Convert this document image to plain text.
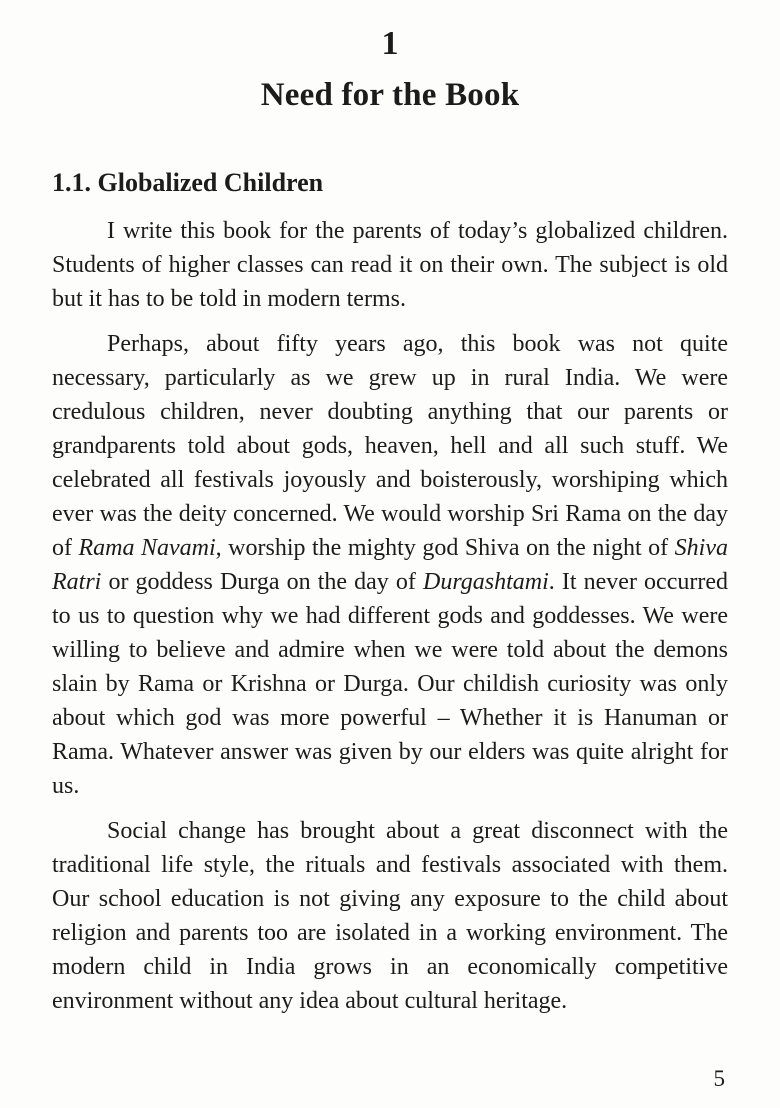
1
Need for the Book
1.1. Globalized Children

I write this book for the parents of today’s globalized children. Students of higher classes can read it on their own. The subject is old but it has to be told in modern terms.

Perhaps, about fifty years ago, this book was not quite necessary, particularly as we grew up in rural India. We were credulous children, never doubting anything that our parents or grandparents told about gods, heaven, hell and all such stuff. We celebrated all festivals joyously and boisterously, worshiping which ever was the deity concerned. We would worship Sri Rama on the day of Rama Navami, worship the mighty god Shiva on the night of Shiva Ratri or goddess Durga on the day of Durgashtami. It never occurred to us to question why we had different gods and goddesses. We were willing to believe and admire when we were told about the demons slain by Rama or Krishna or Durga. Our childish curiosity was only about which god was more powerful – Whether it is Hanuman or Rama. Whatever answer was given by our elders was quite alright for us.

Social change has brought about a great disconnect with the traditional life style, the rituals and festivals associated with them. Our school education is not giving any exposure to the child about religion and parents too are isolated in a working environment. The modern child in India grows in an economically competitive environment without any idea about cultural heritage.

5
